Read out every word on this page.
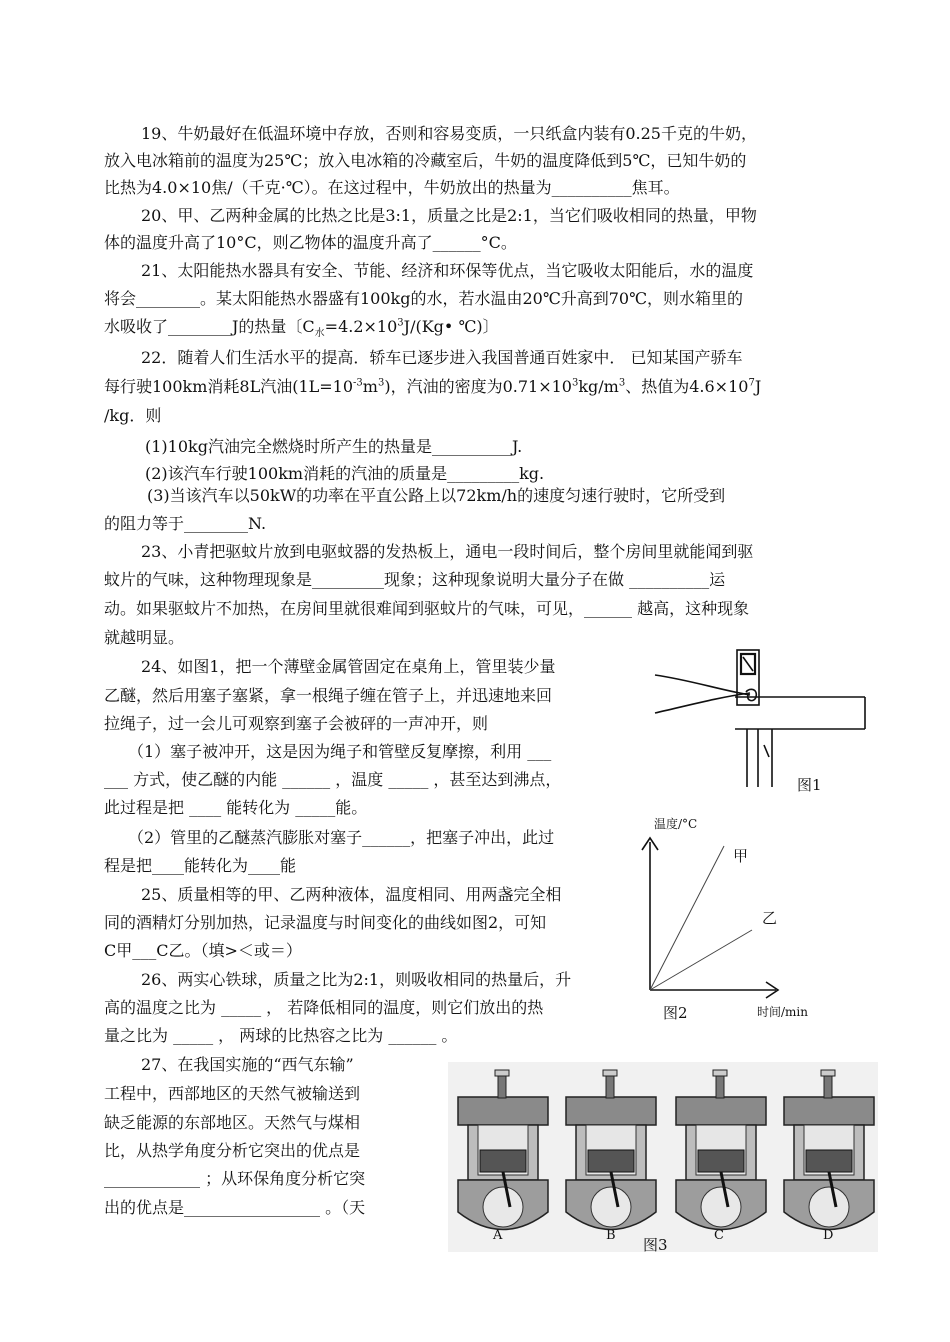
19、牛奶最好在低温环境中存放，否则和容易变质，一只纸盒内装有0.25千克的牛奶，
放入电冰箱前的温度为25℃；放入电冰箱的冷藏室后，牛奶的温度降低到5℃，已知牛奶的
比热为4.0×10焦/（千克·℃）。在这过程中，牛奶放出的热量为__________焦耳。
20、甲、乙两种金属的比热之比是3:1，质量之比是2:1，当它们吸收相同的热量，甲物
体的温度升高了10°C，则乙物体的温度升高了______°C。
21、太阳能热水器具有安全、节能、经济和环保等优点，当它吸收太阳能后，水的温度
将会________。某太阳能热水器盛有100kg的水，若水温由20℃升高到70℃，则水箱里的
水吸收了________J的热量〔$C_水=4.2\times 10^3J/(Kg•$ ℃)〕
22．随着人们生活水平的提高．轿车已逐步进入我国普通百姓家中． 已知某国产骄车
每行驶100km消耗8L汽油$(1L=10^{-3}m^3)$，汽油的密度为$0.71\times 10^3kg/m^3$、热值为$4.6\times 10^7J$
/kg．则
(1)10kg汽油完全燃烧时所产生的热量是__________J.
(2)该汽车行驶100km消耗的汽油的质量是_________kg.
(3)当该汽车以50kW的功率在平直公路上以72km/h的速度匀速行驶时，它所受到
的阻力等于________N.
23、小青把驱蚊片放到电驱蚊器的发热板上，通电一段时间后，整个房间里就能闻到驱
蚊片的气味，这种物理现象是_________现象；这种现象说明大量分子在做 __________运
动。如果驱蚊片不加热，在房间里就很难闻到驱蚊片的气味，可见，______ 越高，这种现象
就越明显。
24、如图1，把一个薄壁金属管固定在桌角上，管里装少量
乙醚，然后用塞子塞紧，拿一根绳子缠在管子上，并迅速地来回
拉绳子，过一会儿可观察到塞子会被砰的一声冲开，则
（1）塞子被冲开，这是因为绳子和管壁反复摩擦，利用 ___
___ 方式，使乙醚的内能 ______ ，温度 _____ ，甚至达到沸点，
此过程是把 ____ 能转化为 _____能。
（2）管里的乙醚蒸汽膨胀对塞子______，把塞子冲出，此过
程是把____能转化为____能
25、质量相等的甲、乙两种液体，温度相同、用两盏完全相
同的酒精灯分别加热，记录温度与时间变化的曲线如图2，可知
C甲___C乙。（填>＜或＝）
26、两实心铁球，质量之比为2:1，则吸收相同的热量后，升
高的温度之比为 _____ ， 若降低相同的温度，则它们放出的热
量之比为 _____ ， 两球的比热容之比为 ______ 。
27、在我国实施的“西气东输”
工程中，西部地区的天然气被输送到
缺乏能源的东部地区。天然气与煤相
比，从热学角度分析它突出的优点是
____________ ；从环保角度分析它突
出的优点是_________________ 。（天
图1
温度/°C
甲
乙
图2	时间/min
A	B	C	D
图3
